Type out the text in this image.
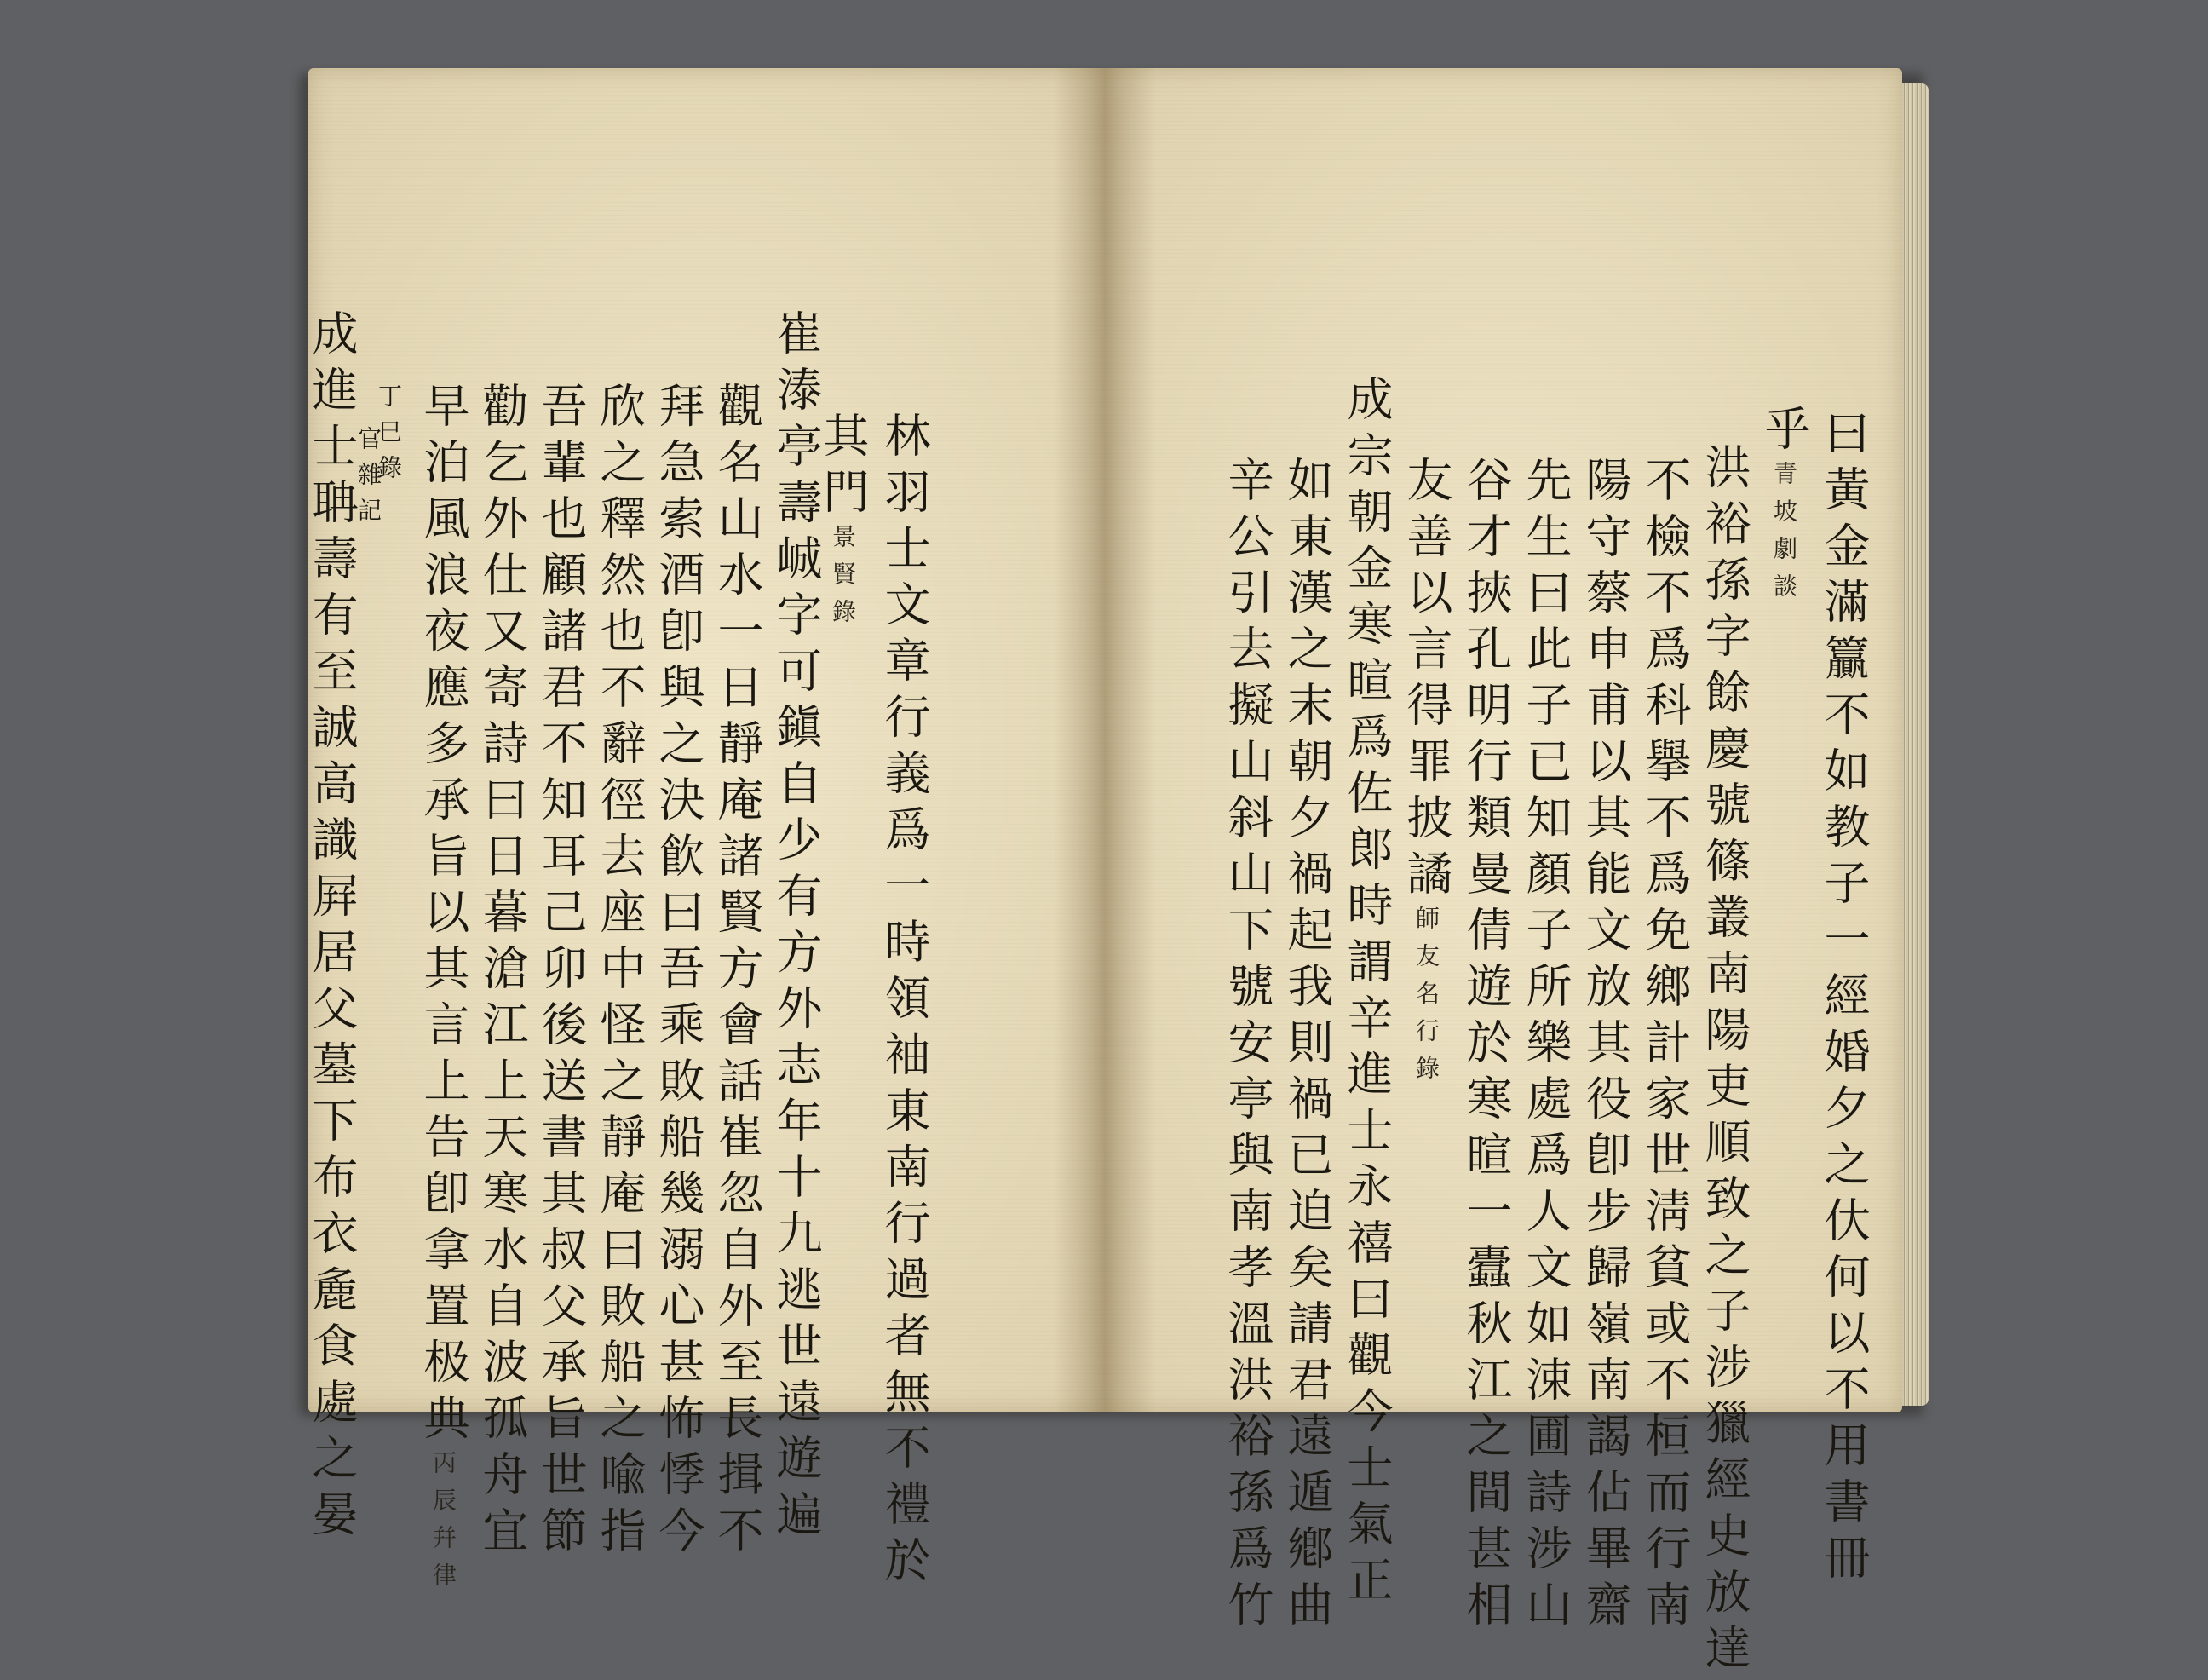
林羽士文章行義爲一時領袖東南行過者無不禮於
其門景賢錄
崔溙亭壽峸字可鎭自少有方外志年十九逃世遠遊遍
觀名山水一日靜庵諸賢方會話崔忽自外至長揖不
拜急索酒卽與之決飮曰吾乘敗船幾溺心甚怖悸今
欣之釋然也不辭徑去座中怪之靜庵曰敗船之喩指
吾輩也顧諸君不知耳己卯後送書其叔父承旨世節
勸乞外仕又寄詩曰日暮滄江上天寒水自波孤舟宜
早泊風浪夜應多承旨以其言上告卽拿置极典丙辰幷律
丁巳錄
官雜記
成進士聃壽有至誠高識屛居父墓下布衣麁食處之晏	曰黃金滿籯不如教子一經婚夕之㐲何以不用書冊
乎青坡劇談
洪裕孫字餘慶號篠叢南陽吏順致之子涉獵經史放達
不檢不爲科擧不爲免鄉計家世淸貧或不桓而行南
陽守蔡申甫以其能文放其役卽步歸嶺南謁佔畢齋
先生曰此子已知顏子所樂處爲人文如涑圃詩涉山
谷才挾孔明行類曼倩遊於寒暄一蠹秋江之間甚相
友善以言得罪披譎師友名行錄
成宗朝金寒暄爲佐郞時謂辛進士永禧曰觀今士氣正
如東漢之末朝夕禍起我則禍已迫矣請君遠遁鄕曲
辛公引去擬山斜山下號安亭與南孝溫洪裕孫爲竹
